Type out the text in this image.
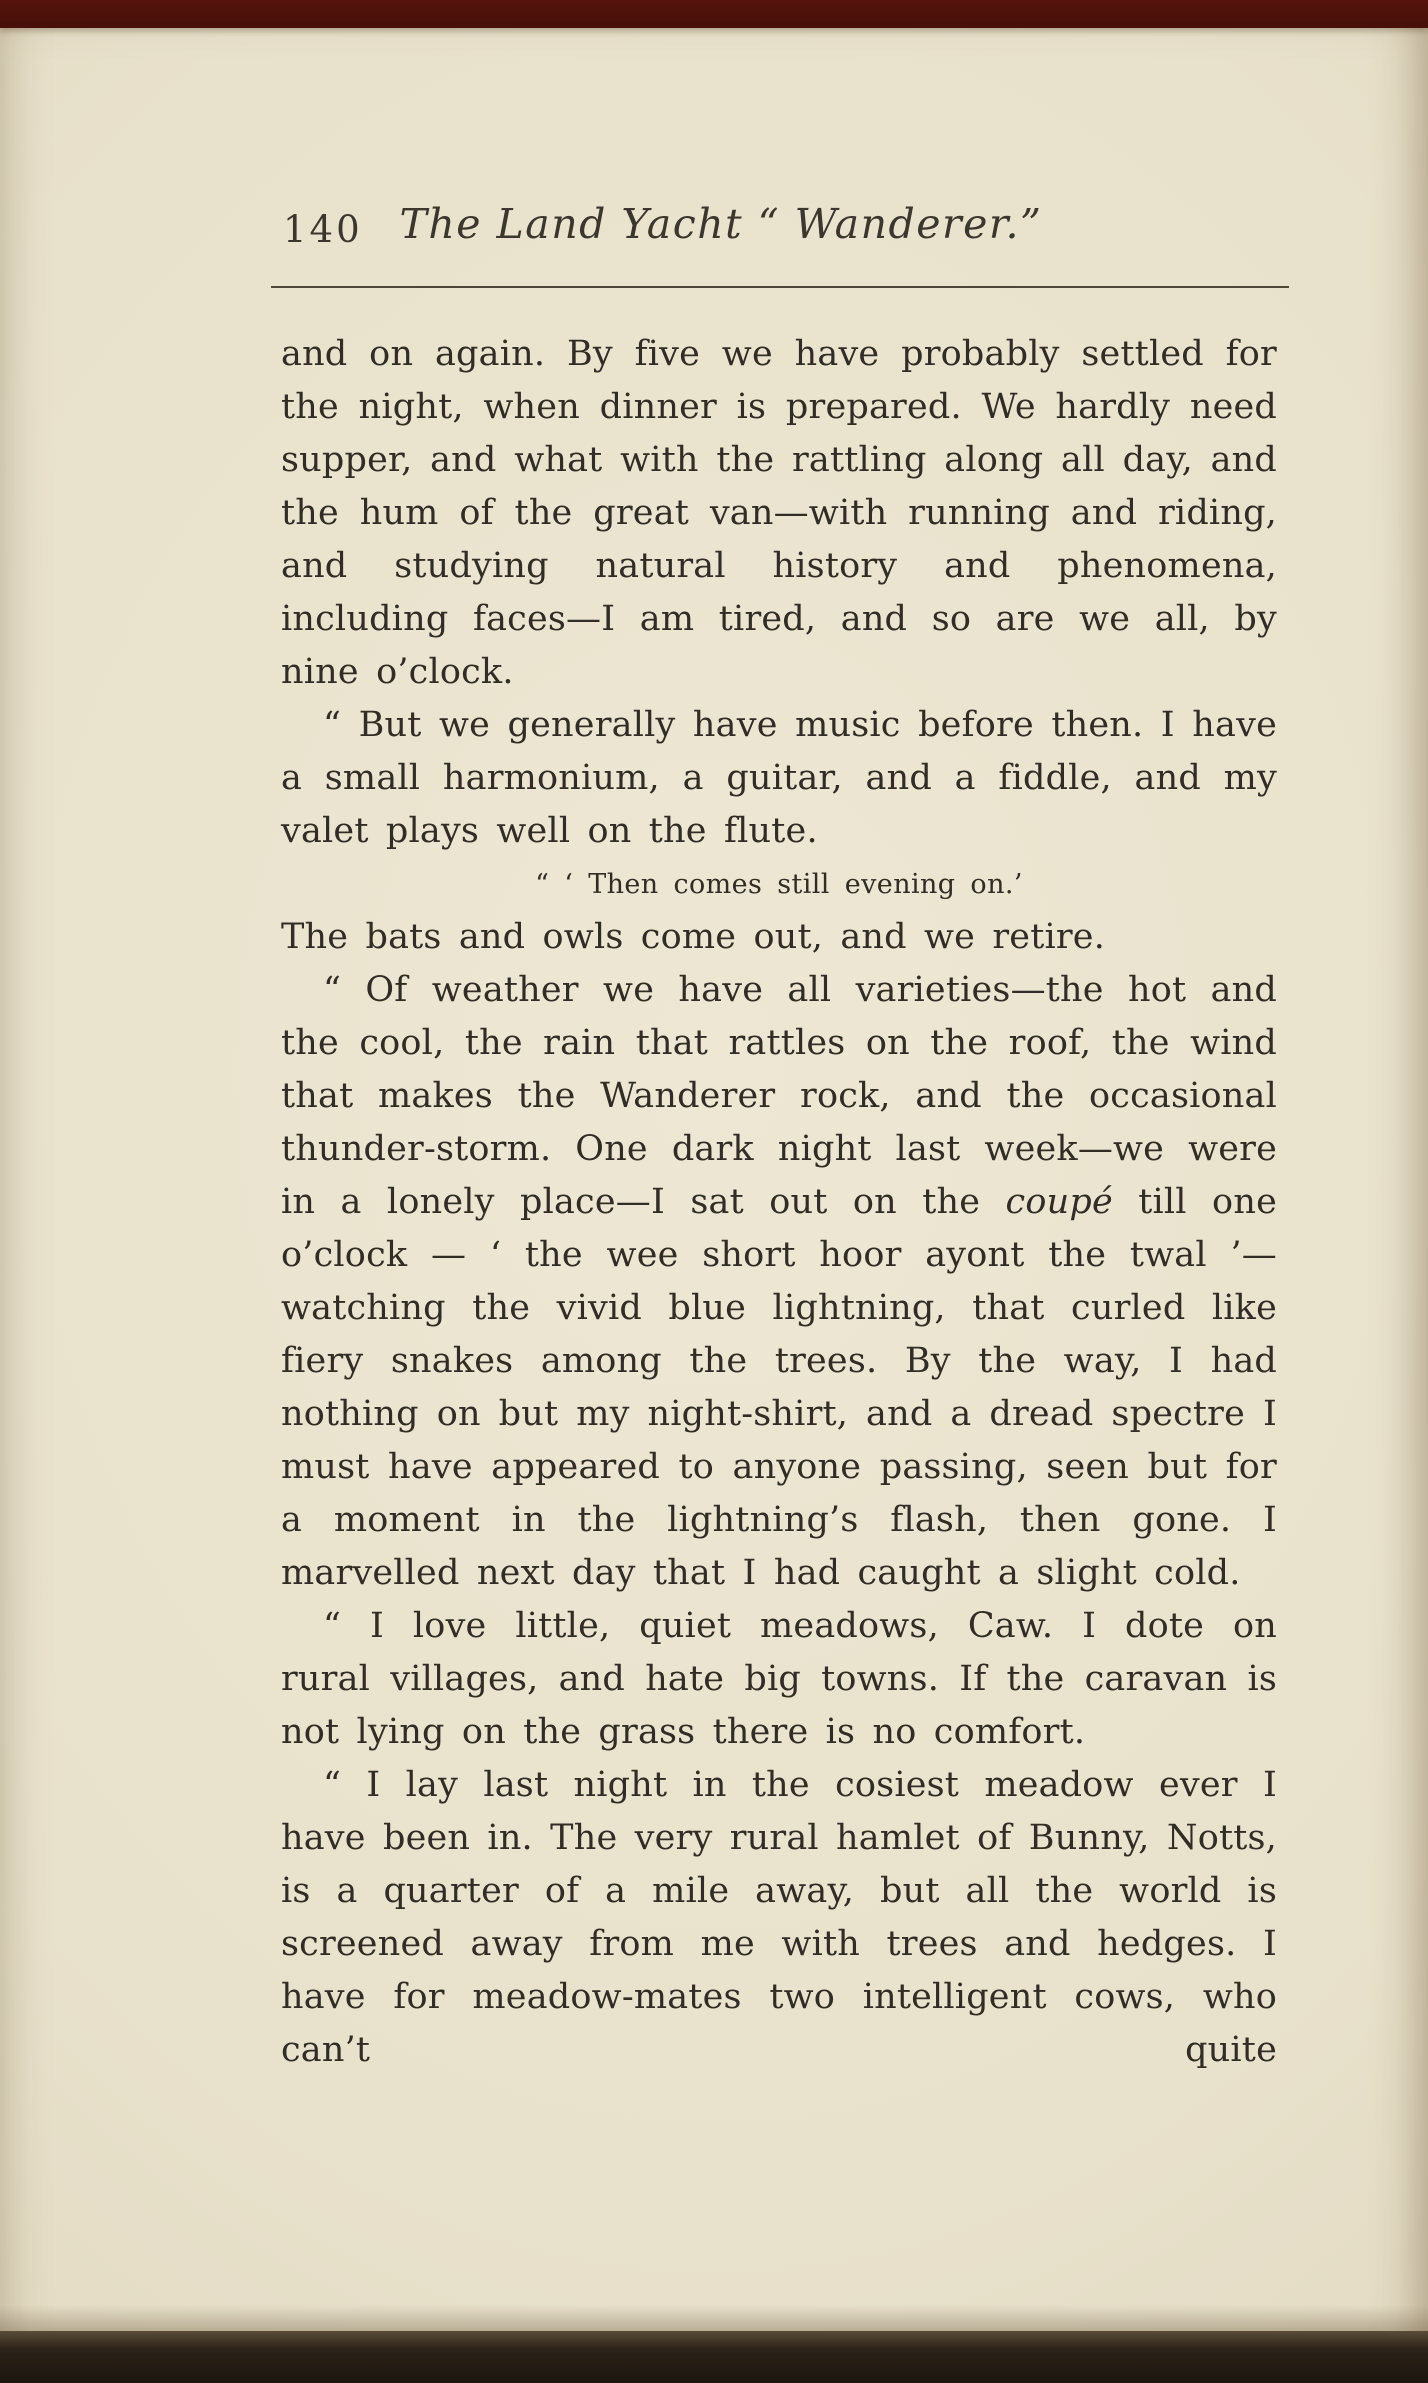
140 The Land Yacht “ Wanderer.”

and on again. By five we have probably settled for the night, when dinner is prepared. We hardly need supper, and what with the rattling along all day, and the hum of the great van—with running and riding, and studying natural history and phenomena, including faces—I am tired, and so are we all, by nine o’clock.

“ But we generally have music before then. I have a small harmonium, a guitar, and a fiddle, and my valet plays well on the flute.

“ ‘ Then comes still evening on.’

The bats and owls come out, and we retire.

“ Of weather we have all varieties—the hot and the cool, the rain that rattles on the roof, the wind that makes the Wanderer rock, and the occasional thunder-storm. One dark night last week—we were in a lonely place—I sat out on the coupé till one o’clock — ‘ the wee short hoor ayont the twal ’—watching the vivid blue lightning, that curled like fiery snakes among the trees. By the way, I had nothing on but my night-shirt, and a dread spectre I must have appeared to anyone passing, seen but for a moment in the lightning’s flash, then gone. I marvelled next day that I had caught a slight cold.

“ I love little, quiet meadows, Caw. I dote on rural villages, and hate big towns. If the caravan is not lying on the grass there is no comfort.

“ I lay last night in the cosiest meadow ever I have been in. The very rural hamlet of Bunny, Notts, is a quarter of a mile away, but all the world is screened away from me with trees and hedges. I have for meadow-mates two intelligent cows, who can’t quite
